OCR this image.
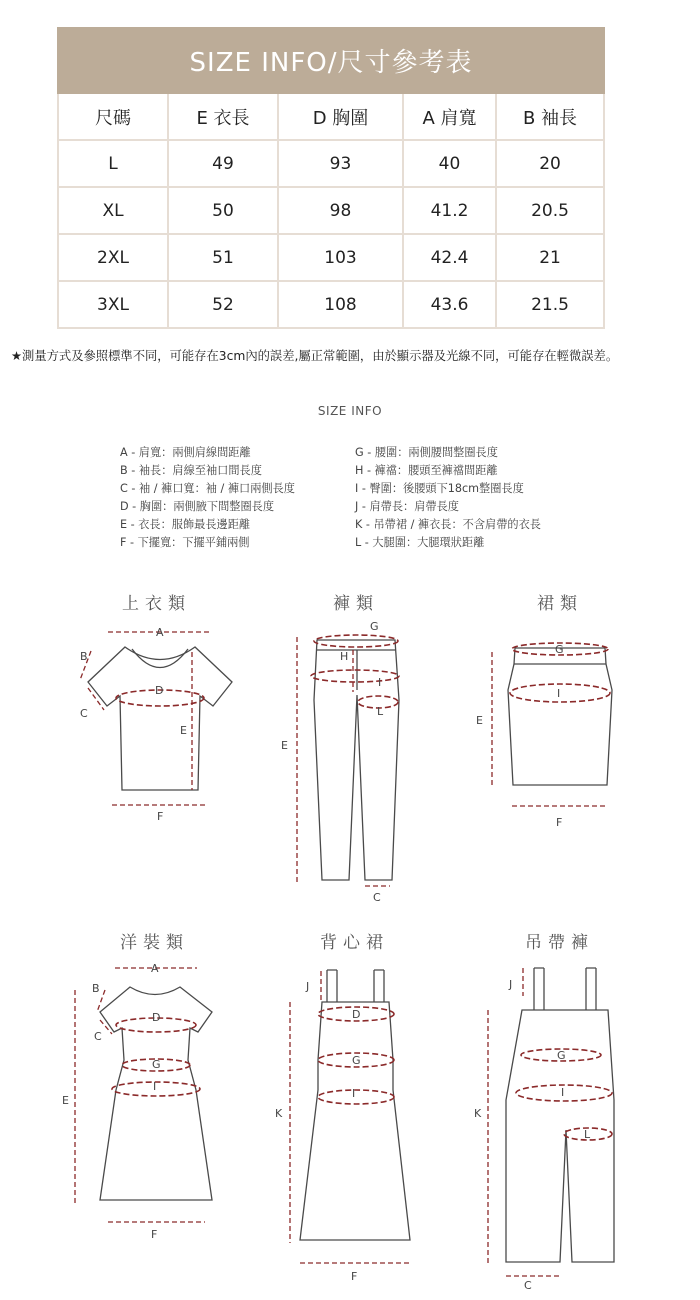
SIZE INFO/尺寸參考表				
尺碼	E 衣長	D 胸圍	A 肩寬	B 袖長
L	49	93	40	20
XL	50	98	41.2	20.5
2XL	51	103	42.4	21
3XL	52	108	43.6	21.5
★測量方式及參照標準不同，可能存在3cm內的誤差,屬正常範圍，由於顯示器及光線不同，可能存在輕微誤差。
SIZE INFO
A - 肩寬：兩側肩線間距離
B - 袖長：肩線至袖口間長度
C - 袖 / 褲口寬：袖 / 褲口兩側長度
D - 胸圍：兩側腋下間整圈長度
E - 衣長：服飾最長邊距離
F - 下擺寬：下擺平鋪兩側
G - 腰圍：兩側腰間整圈長度
H - 褲襠：腰頭至褲襠間距離
I - 臀圍：後腰頭下18cm整圈長度
J - 肩帶長：肩帶長度
K - 吊帶裙 / 褲衣長：不含肩帶的衣長
L - 大腿圍：大腿環狀距離
上衣類	褲類	裙類
洋裝類	背心裙	吊帶褲
A
B
C
D
E
F
G
H
I
L
E
C
G
I
E
F
A
B
C
D
G
I
E
F
J
D
G
I
K
F
J
G
I
L
K
C
